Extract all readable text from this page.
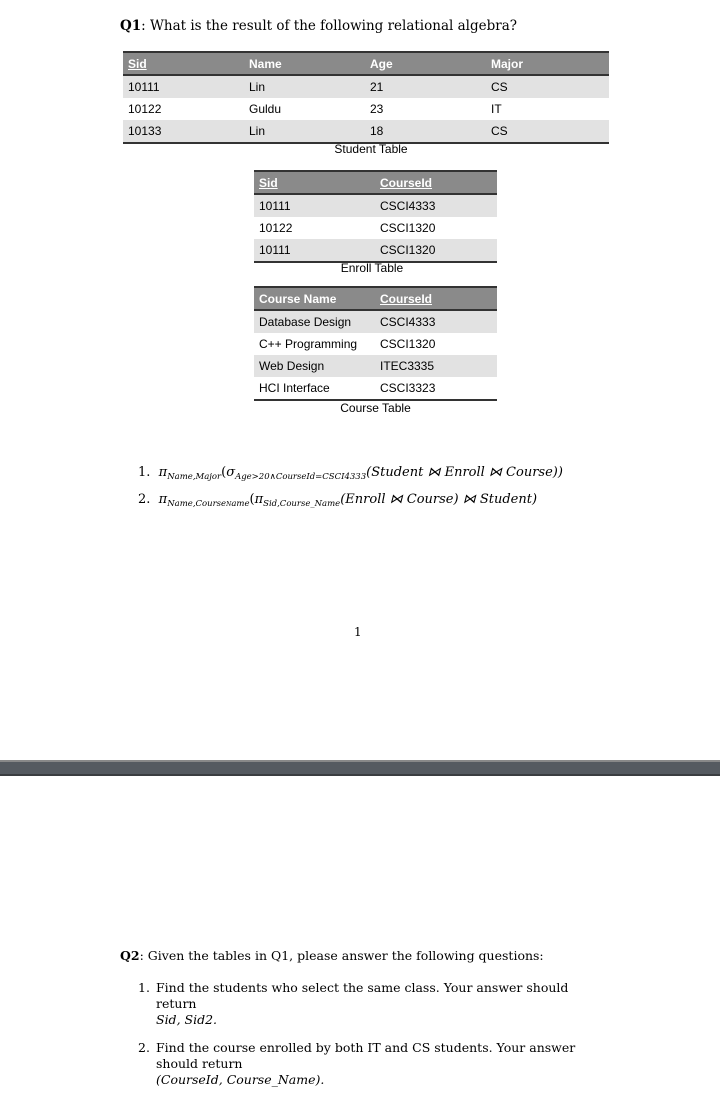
Q1: What is the result of the following relational algebra?
Sid	Name	Age	Major
10111	Lin	21	CS
10122	Guldu	23	IT
10133	Lin	18	CS
Student Table
Sid	CourseId
10111	CSCI4333
10122	CSCI1320
10111	CSCI1320
Enroll Table
Course Name	CourseId
Database Design	CSCI4333
C++ Programming	CSCI1320
Web Design	ITEC3335
HCI Interface	CSCI3323
Course Table
1. $\pi_{Name,Major}(\sigma_{Age>20\wedge CourseId=CSCI4333}(Student$ ⋈ Enroll ⋈ Course))
2. $\pi_{Name,CourseName}(\pi_{Sid,Course\_Name}(Enroll$ ⋈ Course) ⋈ Student)
1
Q2: Given the tables in Q1, please answer the following questions:
1. Find the students who select the same class. Your answer should return
Sid, Sid2.
2. Find the course enrolled by both IT and CS students. Your answer should return
(CourseId, Course_Name).
